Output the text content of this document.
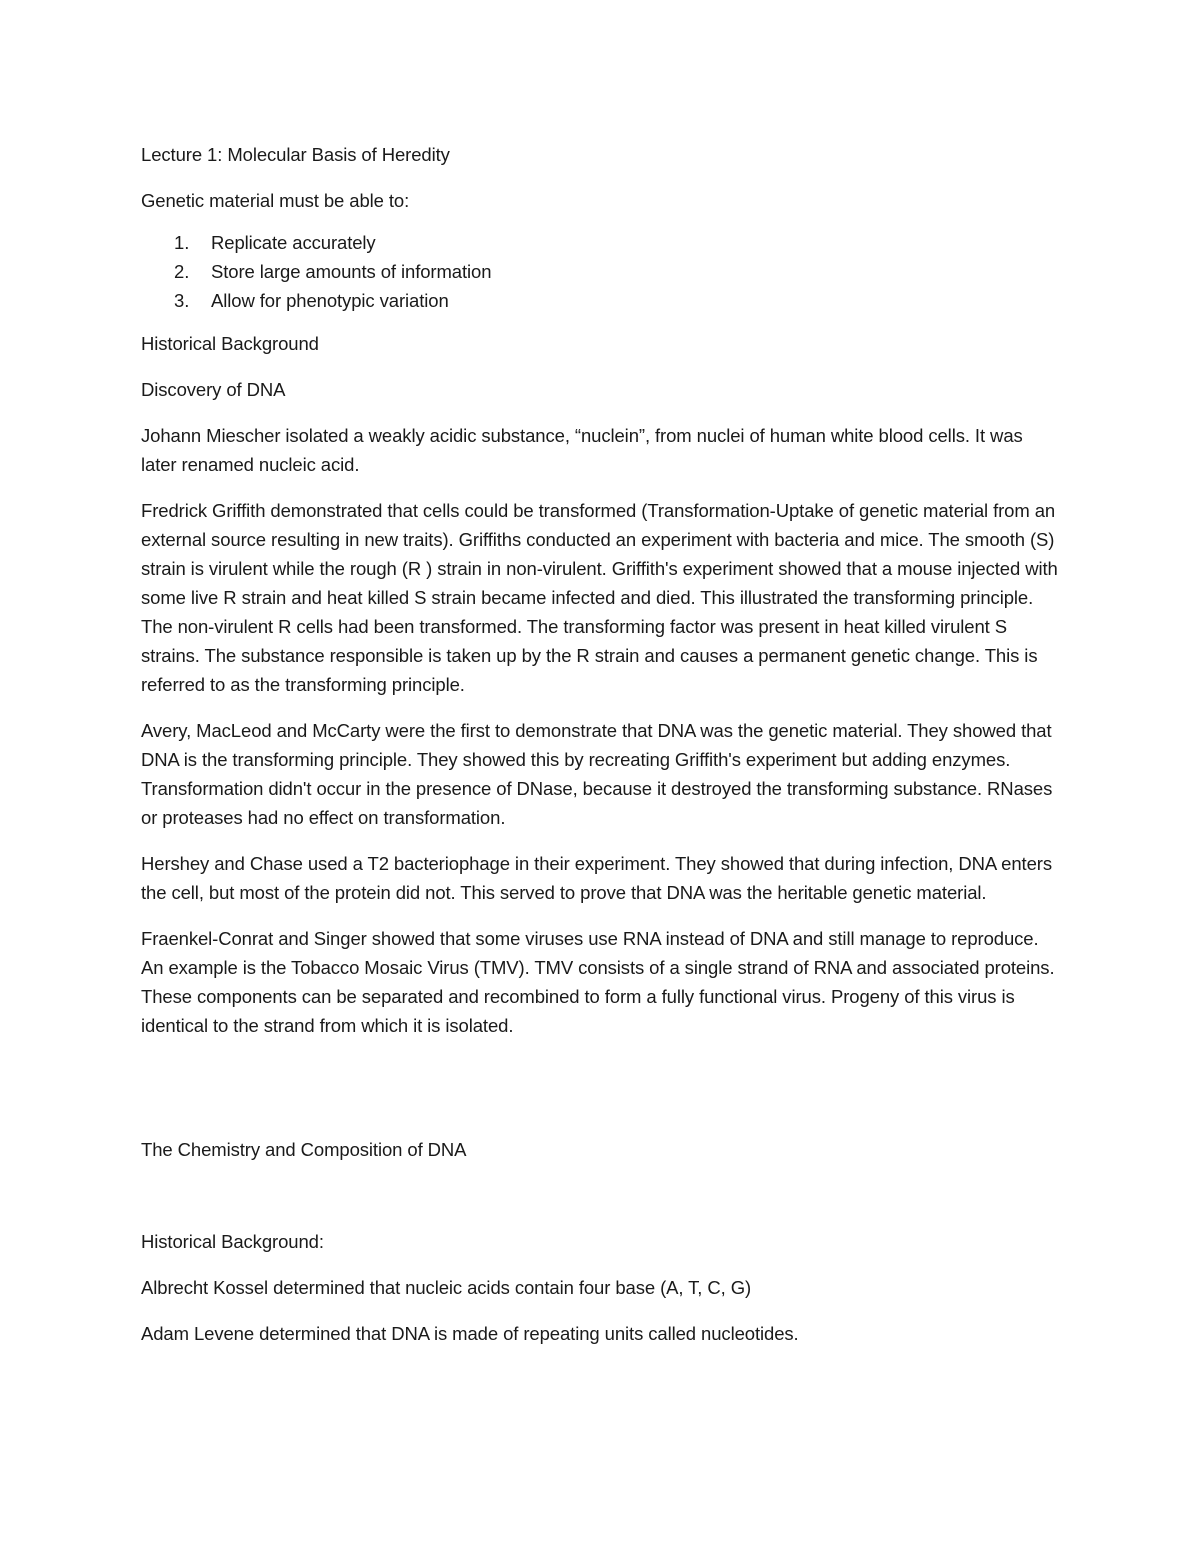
Lecture 1: Molecular Basis of Heredity

Genetic material must be able to:

1. Replicate accurately
2. Store large amounts of information
3. Allow for phenotypic variation

Historical Background

Discovery of DNA

Johann Miescher isolated a weakly acidic substance, “nuclein”, from nuclei of human white blood cells. It was later renamed nucleic acid.

Fredrick Griffith demonstrated that cells could be transformed (Transformation-Uptake of genetic material from an external source resulting in new traits). Griffiths conducted an experiment with bacteria and mice. The smooth (S) strain is virulent while the rough (R ) strain in non-virulent. Griffith's experiment showed that a mouse injected with some live R strain and heat killed S strain became infected and died. This illustrated the transforming principle. The non-virulent R cells had been transformed. The transforming factor was present in heat killed virulent S strains. The substance responsible is taken up by the R strain and causes a permanent genetic change. This is referred to as the transforming principle.

Avery, MacLeod and McCarty were the first to demonstrate that DNA was the genetic material. They showed that DNA is the transforming principle. They showed this by recreating Griffith's experiment but adding enzymes. Transformation didn't occur in the presence of DNase, because it destroyed the transforming substance. RNases or proteases had no effect on transformation.

Hershey and Chase used a T2 bacteriophage in their experiment. They showed that during infection, DNA enters the cell, but most of the protein did not. This served to prove that DNA was the heritable genetic material.

Fraenkel-Conrat and Singer showed that some viruses use RNA instead of DNA and still manage to reproduce. An example is the Tobacco Mosaic Virus (TMV). TMV consists of a single strand of RNA and associated proteins. These components can be separated and recombined to form a fully functional virus. Progeny of this virus is identical to the strand from which it is isolated.

The Chemistry and Composition of DNA

Historical Background:

Albrecht Kossel determined that nucleic acids contain four base (A, T, C, G)

Adam Levene determined that DNA is made of repeating units called nucleotides.
